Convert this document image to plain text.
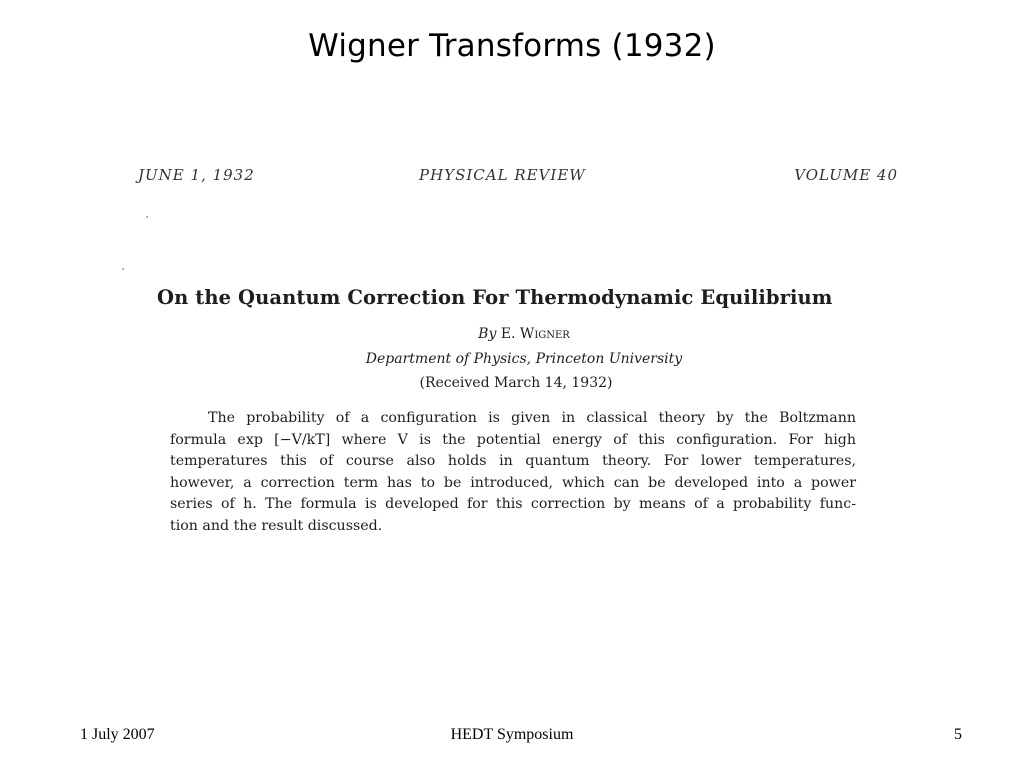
Wigner Transforms (1932)
JUNE 1, 1932	PHYSICAL REVIEW	VOLUME 40
On the Quantum Correction For Thermodynamic Equilibrium
By E. Wigner
Department of Physics, Princeton University
(Received March 14, 1932)
The probability of a configuration is given in classical theory by the Boltzmann
formula exp [−V/kT] where V is the potential energy of this configuration. For high
temperatures this of course also holds in quantum theory. For lower temperatures,
however, a correction term has to be introduced, which can be developed into a power
series of h. The formula is developed for this correction by means of a probability func-
tion and the result discussed.
1 July 2007	HEDT Symposium	5
